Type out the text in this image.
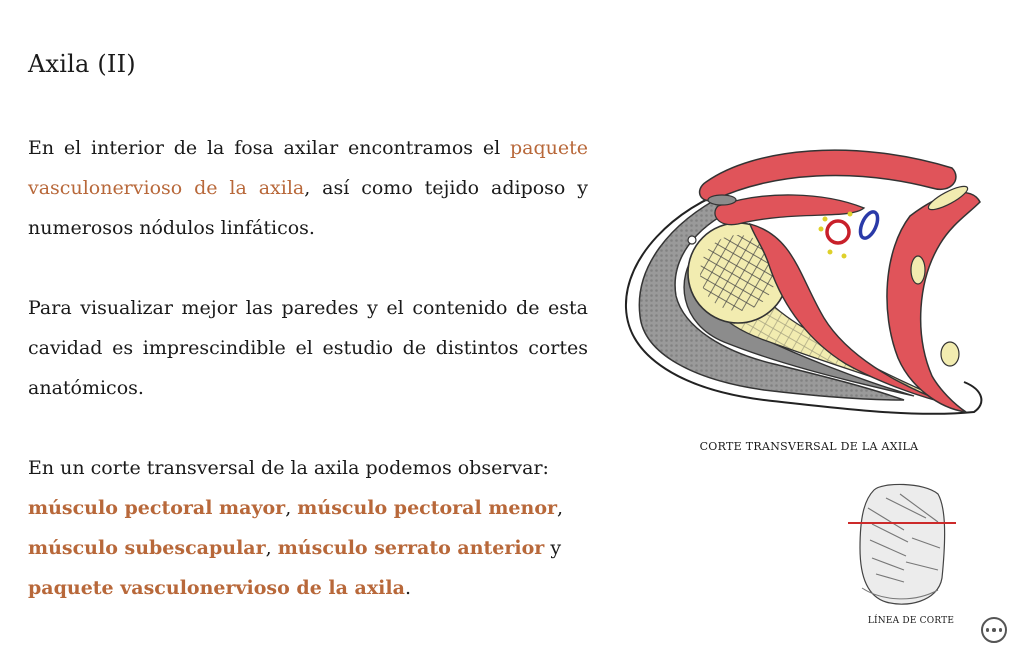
Axila (II)

En el interior de la fosa axilar encontramos el paquete vasculonervioso de la axila, así como tejido adiposo y numerosos nódulos linfáticos.

Para visualizar mejor las paredes y el contenido de esta cavidad es imprescindible el estudio de distintos cortes anatómicos.

En un corte transversal de la axila podemos observar: músculo pectoral mayor, músculo pectoral menor, músculo subescapular, músculo serrato anterior y paquete vasculonervioso de la axila.

CORTE TRANSVERSAL DE LA AXILA
LÍNEA DE CORTE
